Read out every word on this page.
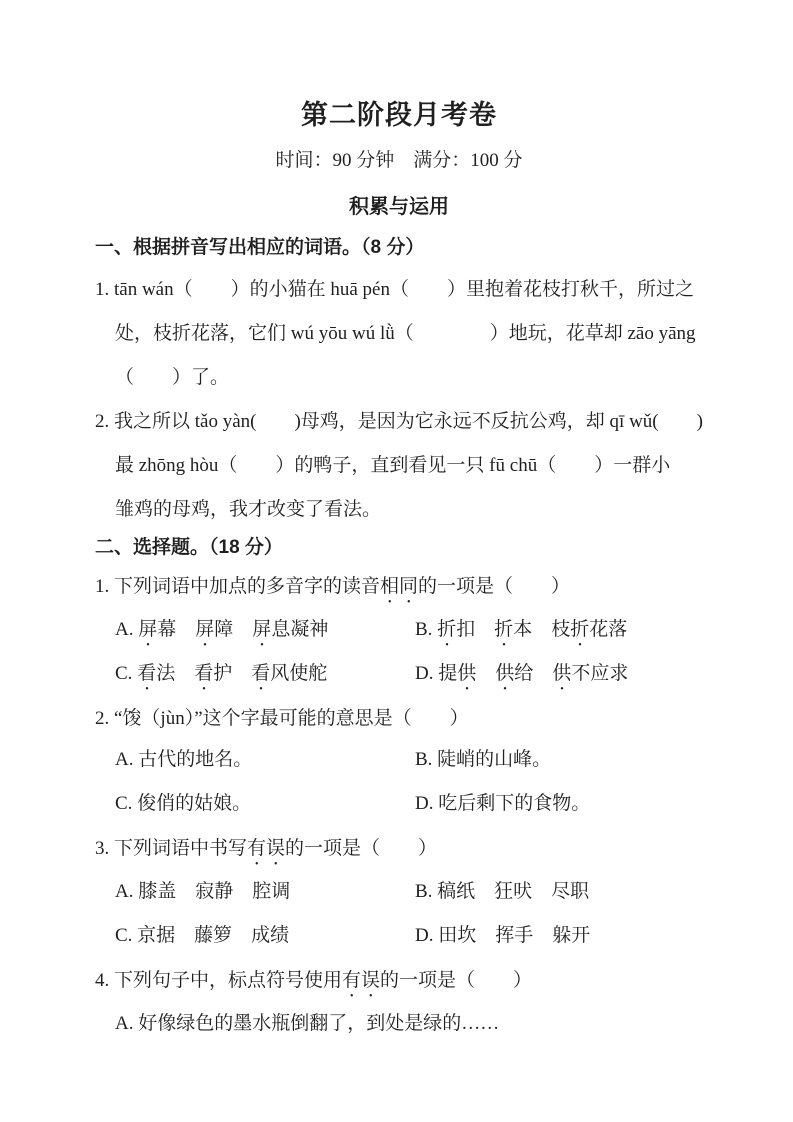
第二阶段月考卷
时间：90 分钟　满分：100 分
积累与运用
一、根据拼音写出相应的词语。（8 分）
1. tān wán（　　）的小猫在 huā pén（　　）里抱着花枝打秋千，所过之
处，枝折花落，它们 wú yōu wú lǜ（　　　　）地玩，花草却 zāo yāng
（　　）了。
2. 我之所以 tǎo yàn(　　)母鸡，是因为它永远不反抗公鸡，却 qī wǔ(　　)
最 zhōng hòu（　　）的鸭子，直到看见一只 fū chū（　　）一群小
雏鸡的母鸡，我才改变了看法。
二、选择题。（18 分）
1. 下列词语中加点的多音字的读音相同的一项是（　　）
A. 屏幕　屏障　屏息凝神	B. 折扣　折本　枝折花落
C. 看法　看护　看风使舵	D. 提供　 供给　供不应求
2. “馂（jùn）”这个字最可能的意思是（　　）
A. 古代的地名。	B. 陡峭的山峰。
C. 俊俏的姑娘。	D. 吃后剩下的食物。
3. 下列词语中书写有误的一项是（　　）
A. 膝盖　寂静　腔调	B. 稿纸　狂吠　尽职
C. 京据　藤箩　成绩	D. 田坎　挥手　躲开
4. 下列句子中，标点符号使用有误的一项是（　　）
A. 好像绿色的墨水瓶倒翻了，到处是绿的……
